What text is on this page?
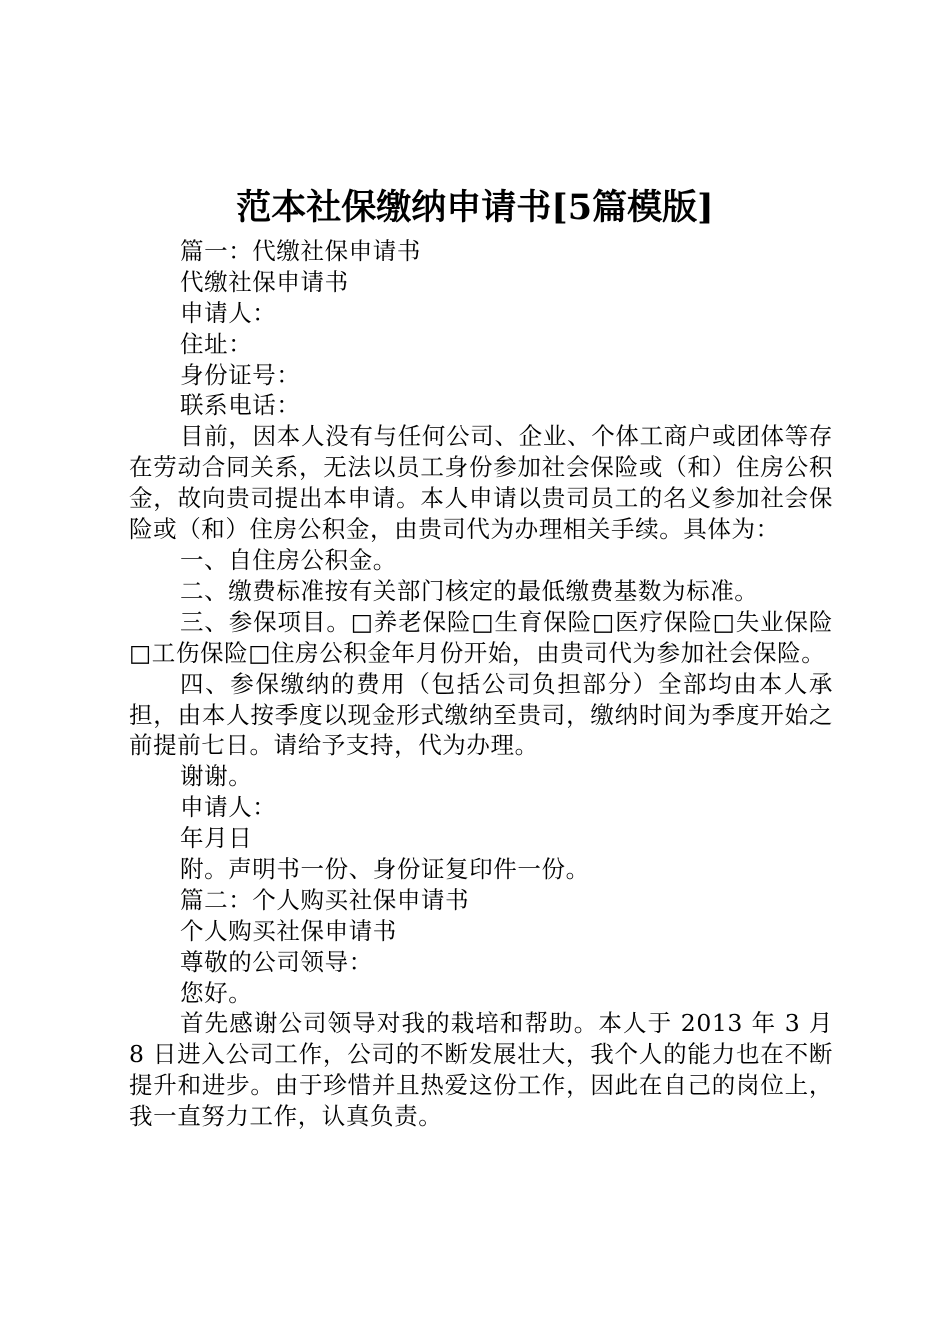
范本社保缴纳申请书[5篇模版]
篇一：代缴社保申请书
代缴社保申请书
申请人：
住址：
身份证号：
联系电话：
目前，因本人没有与任何公司、企业、个体工商户或团体等存在劳动合同关系，无法以员工身份参加社会保险或（和）住房公积金，故向贵司提出本申请。本人申请以贵司员工的名义参加社会保险或（和）住房公积金，由贵司代为办理相关手续。具体为：
一、自住房公积金。
二、缴费标准按有关部门核定的最低缴费基数为标准。
三、参保项目。□养老保险□生育保险□医疗保险□失业保险□工伤保险□住房公积金年月份开始，由贵司代为参加社会保险。
四、参保缴纳的费用（包括公司负担部分）全部均由本人承担，由本人按季度以现金形式缴纳至贵司，缴纳时间为季度开始之前提前七日。请给予支持，代为办理。
谢谢。
申请人：
年月日
附。声明书一份、身份证复印件一份。
篇二：个人购买社保申请书
个人购买社保申请书
尊敬的公司领导：
您好。
首先感谢公司领导对我的栽培和帮助。本人于 2013 年 3 月 8 日进入公司工作，公司的不断发展壮大，我个人的能力也在不断提升和进步。由于珍惜并且热爱这份工作，因此在自己的岗位上，我一直努力工作，认真负责。
